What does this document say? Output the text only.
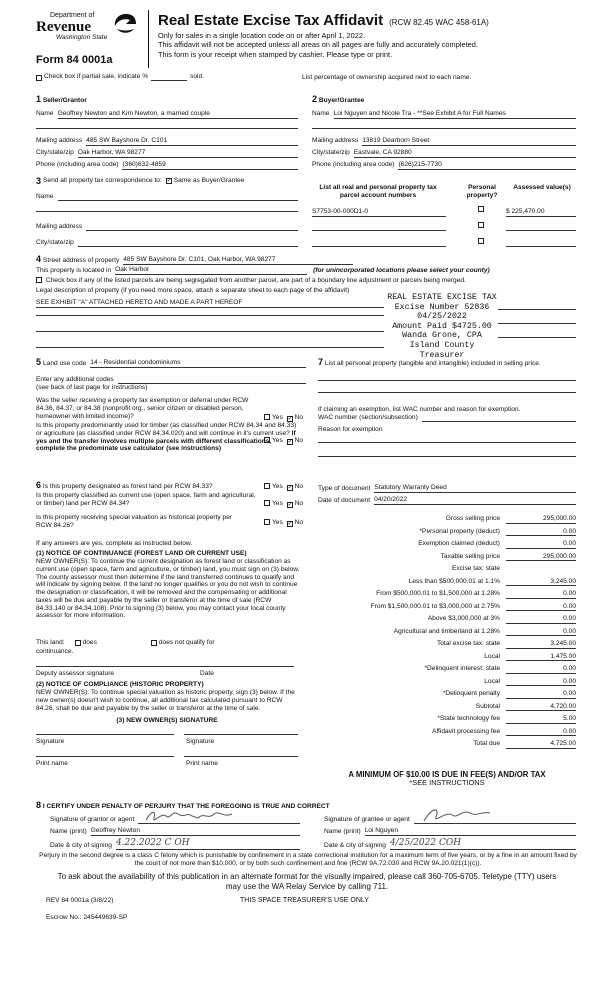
Department of
Revenue
Washington State
Form 84 0001a
Real Estate Excise Tax Affidavit (RCW 82.45 WAC 458-61A)
Only for sales in a single location code on or after April 1, 2022.
This affidavit will not be accepted unless all areas on all pages are fully and accurately completed.
This form is your receipt when stamped by cashier. Please type or print.
Check box if partial sale, indicate %	sold.	List percentage of ownership acquired next to each name.
1 Seller/Grantor
Name Geoffrey Newton and Kim Newton, a married couple
Mailing address 485 SW Bayshore Dr. C101
City/state/zip Oak Harbor, WA 98277
Phone (including area code) (360)632-4859
2 Buyer/Grantee
Name Loi Nguyen and Nicole Tra - **See Exhibit A for Full Names
Mailing address 13819 Dearborn Street
City/state/zip Eastvale, CA 92880
Phone (including area code) (626)215-7730
3 Send all property tax correspondence to: ✓ Same as Buyer/Grantee
Name
Mailing address
City/state/zip
List all real and personal property tax parcel account numbers
Personal property?
Assessed value(s)
S7753-00-000D1-0	$ 225,470.00
4 Street address of property 485 SW Bayshore Dr. C101, Oak Harbor, WA 98277
This property is located in Oak Harbor	(for unincorporated locations please select your county)
Check box if any of the listed parcels are being segregated from another parcel, are part of a boundary line adjustment or parcels being merged.
Legal description of property (if you need more space, attach a separate sheet to each page of the affidavit)
SEE EXHIBIT "A" ATTACHED HERETO AND MADE A PART HEREOF
REAL ESTATE EXCISE TAX
Excise Number 52836
04/25/2022
Amount Paid $4725.00
Wanda Grone, CPA
Island County Treasurer
5 Land use code 14 - Residential condominiums
Enter any additional codes
(see back of last page for instructions)
Was the seller receiving a property tax exemption or deferral under RCW 84.36, 84.37, or 84.38 (nonprofit org., senior citizen or disabled person, homeowner with limited income)?	Yes ✓ No
Is this property predominantly used for timber (as classified under RCW 84.34 and 84.33) or agriculture (as classified under RCW 84.34.020) and will continue in it's current use? If yes and the transfer involves multiple parcels with different classifications, complete the predominate use calculator (see instructions)
Yes ✓ No
7 List all personal property (tangible and intangible) included in selling price.
If claiming an exemption, list WAC number and reason for exemption.
WAC number (section/subsection)
Reason for exemption
6 Is this property designated as forest land per RCW 84.33?	Yes ✓ No
Is this property classified as current use (open space, farm and agricultural, or timber) land per RCW 84.34?	Yes ✓ No
Is this property receiving special valuation as historical property per RCW 84.26?	Yes ✓ No
If any answers are yes, complete as instructed below.
(1) NOTICE OF CONTINUANCE (FOREST LAND OR CURRENT USE)
NEW OWNER(S): To continue the current designation as forest land or classification as current use (open space, farm and agriculture, or timber) land, you must sign on (3) below. The county assessor must then determine if the land transferred continues to qualify and will indicate by signing below. If the land no longer qualifies or you do not wish to continue the designation or classification, it will be removed and the compensating or additional taxes will be due and payable by the seller or transferor at the time of sale (RCW 84.33.140 or 84.34.108). Prior to signing (3) below, you may contact your local county assessor for more information.
This land:	does	does not qualify for
continuance.
Deputy assessor signature	Date
(2) NOTICE OF COMPLIANCE (HISTORIC PROPERTY)
NEW OWNER(S): To continue special valuation as historic property, sign (3) below. If the new owner(s) doesn't wish to continue, all additional tax calculated pursuant to RCW 84.26, shall be due and payable by the seller or transferor at the time of sale.
(3) NEW OWNER(S) SIGNATURE
Signature	Signature
Print name	Print name
Type of document Statutory Warranty Deed
Date of document 04/20/2022
Gross selling price	295,000.00
*Personal property (deduct)	0.00
Exemption claimed (deduct)	0.00
Taxable selling price	295,000.00
Excise tax: state
Less than $500,000.01 at 1.1%	3,245.00
From $500,000.01 to $1,500,000 at 1.28%	0.00
From $1,500,000.01 to $3,000,000 at 2.75%	0.00
Above $3,000,000 at 3%	0.00
Agricultural and timberland at 1.28%	0.00
Total excise tax: state	3,245.00
Local	1,475.00
*Delinquent interest: state	0.00
Local	0.00
*Delinquent penalty	0.00
Subtotal	4,720.00
*State technology fee	5.00
Affidavit processing fee	0.00
Total due	4,725.00
A MINIMUM OF $10.00 IS DUE IN FEE(S) AND/OR TAX
*SEE INSTRUCTIONS
8 I CERTIFY UNDER PENALTY OF PERJURY THAT THE FOREGOING IS TRUE AND CORRECT
Signature of grantor or agent
Name (print) Geoffrey Newton
Date & city of signing 4.22.2022 C OH
Signature of grantee or agent
Name (print) Loi Nguyen
Date & city of signing 4/25/2022 COH
Perjury in the second degree is a class C felony which is punishable by confinement in a state correctional institution for a maximum term of five years, or by a fine in an amount fixed by the court of not more than $10,000, or by both such confinement and fine (RCW 9A.72.030 and RCW 9A.20.021(1)(c)).
To ask about the availability of this publication in an alternate format for the visually impaired, please call 360-705-6705. Teletype (TTY) users may use the WA Relay Service by calling 711.
REV 84 0001a (3/8/22)	THIS SPACE TREASURER'S USE ONLY
Escrow No.: 245449639-SP
